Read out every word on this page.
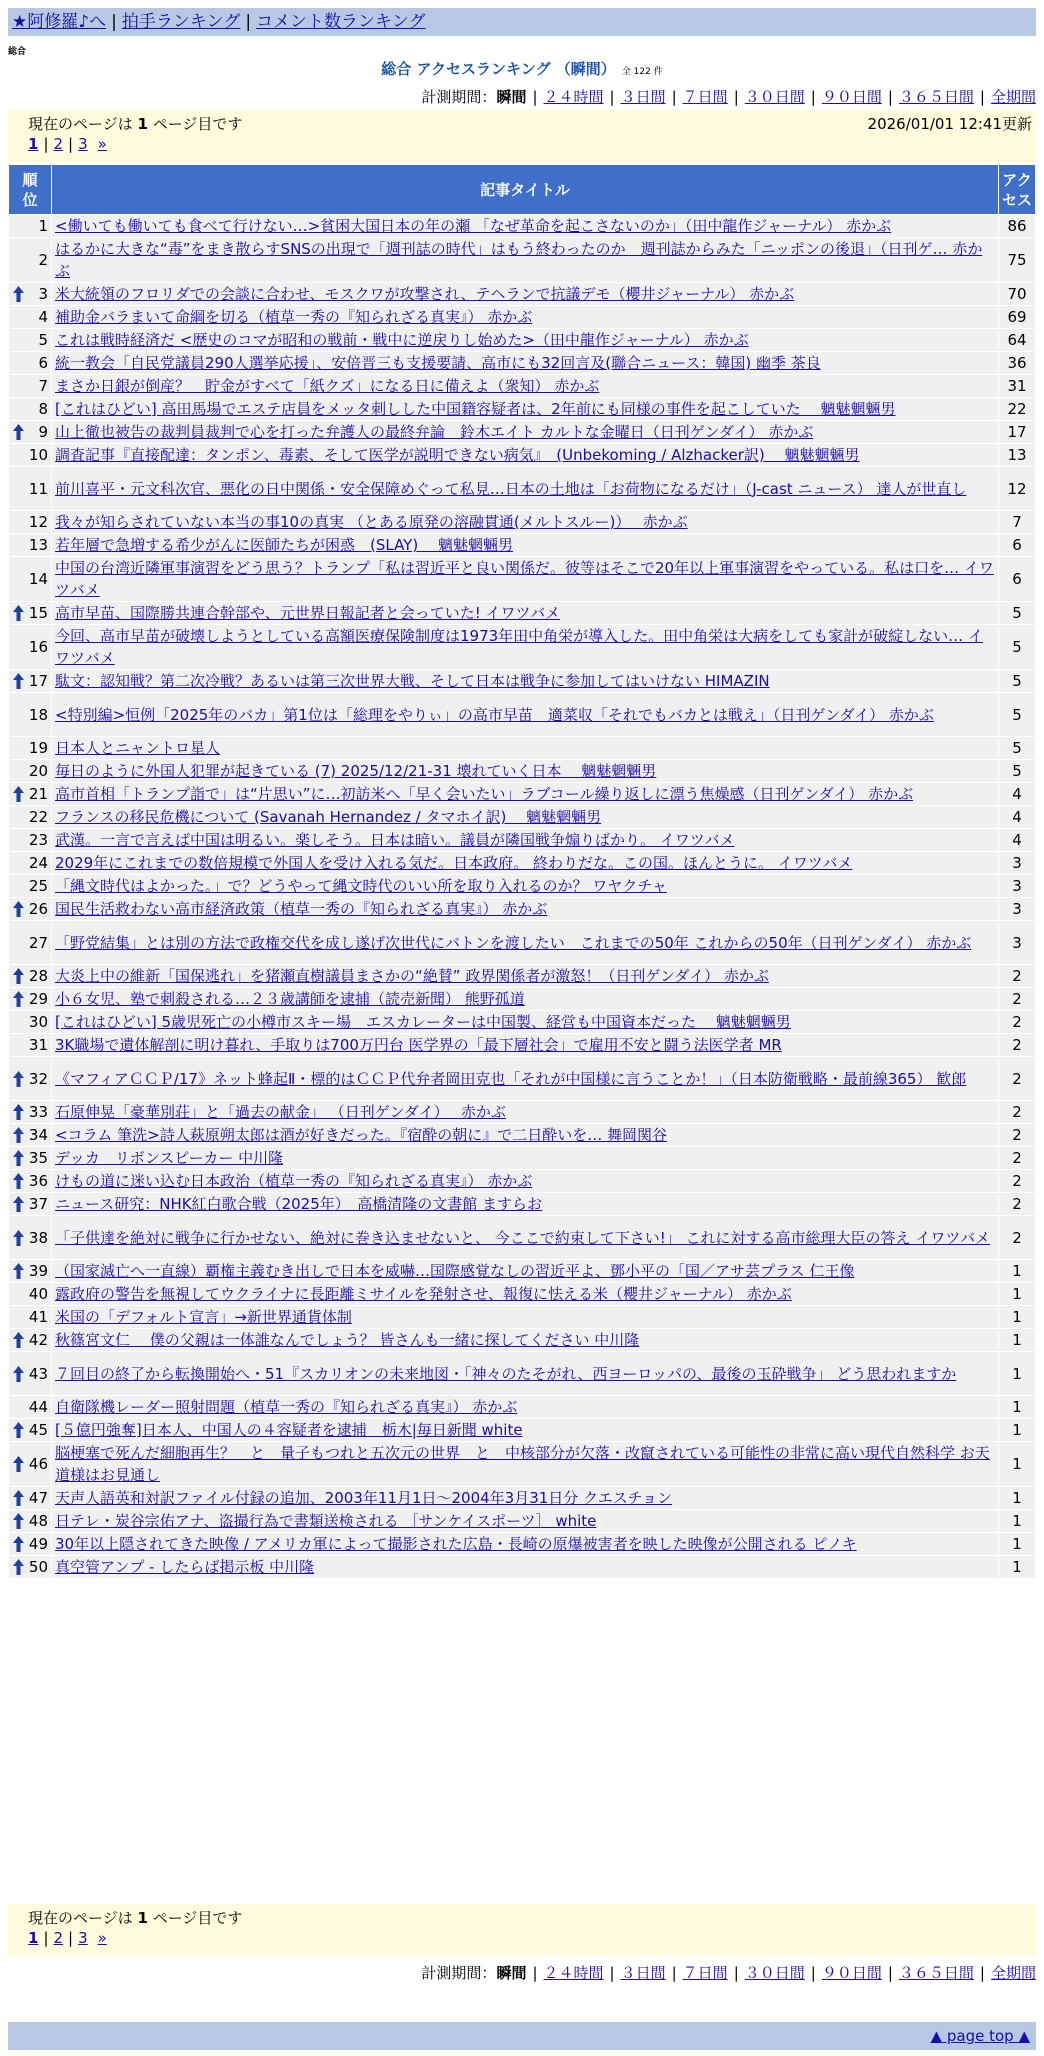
★阿修羅♪へ | 拍手ランキング | コメント数ランキング
総合
総合 アクセスランキング （瞬間） 全 122 件
計測期間：瞬間 | ２４時間 | ３日間 | ７日間 | ３０日間 | ９０日間 | ３６５日間 | 全期間
現在のページは 1 ページ目です	2026/01/01 12:41更新
1 | 2 | 3 »
順位	記事タイトル	アクセス
1	<働いても働いても食べて行けない…>貧困大国日本の年の瀬 「なぜ革命を起こさないのか」（田中龍作ジャーナル） 赤かぶ	86
2	はるかに大きな“毒”をまき散らすSNSの出現で「週刊誌の時代」はもう終わったのか　週刊誌からみた「ニッポンの後退」（日刊ゲ… 赤かぶ	75

3	米大統領のフロリダでの会談に合わせ、モスクワが攻撃され、テヘランで抗議デモ（櫻井ジャーナル） 赤かぶ	70
4	補助金バラまいて命綱を切る（植草一秀の『知られざる真実』） 赤かぶ	69
5	これは戦時経済だ <歴史のコマが昭和の戦前・戦中に逆戻りし始めた>（田中龍作ジャーナル） 赤かぶ	64
6	統一教会「自民党議員290人選挙応援」、安倍晋三も支援要請、高市にも32回言及(聯合ニュース：韓国) 幽季 茶良	36
7	まさか日銀が倒産？　貯金がすべて「紙クズ」になる日に備えよ（衆知） 赤かぶ	31
8	[これはひどい] 高田馬場でエステ店員をメッタ刺しした中国籍容疑者は、2年前にも同様の事件を起こしていた　 魑魅魍魎男	22

9	山上徹也被告の裁判員裁判で心を打った弁護人の最終弁論　鈴木エイト カルトな金曜日（日刊ゲンダイ） 赤かぶ	17
10	調査記事『直接配達：タンポン、毒素、そして医学が説明できない病気』　(Unbekoming / Alzhacker訳)　 魑魅魍魎男	13
11	前川喜平・元文科次官、悪化の日中関係・安全保障めぐって私見…日本の土地は「お荷物になるだけ」（J-cast ニュース） 達人が世直し	12
12	我々が知らされていない本当の事10の真実 （とある原発の溶融貫通(メルトスルー)）　 赤かぶ	7
13	若年層で急増する希少がんに医師たちが困惑　(SLAY)　 魑魅魍魎男	6
14	中国の台湾近隣軍事演習をどう思う？トランプ「私は習近平と良い関係だ。彼等はそこで20年以上軍事演習をやっている。私は口を… イワツバメ	6

15	高市早苗、国際勝共連合幹部や、元世界日報記者と会っていた! イワツバメ	5
16	今回、高市早苗が破壊しようとしている高額医療保険制度は1973年田中角栄が導入した。田中角栄は大病をしても家計が破綻しない… イワツバメ	5

17	駄文：認知戦？第二次冷戦？あるいは第三次世界大戦、そして日本は戦争に参加してはいけない HIMAZIN	5
18	<特別編>恒例「2025年のバカ」第1位は「総理をやりぃ」の高市早苗　適菜収「それでもバカとは戦え」（日刊ゲンダイ） 赤かぶ	5
19	日本人とニャントロ星人	5
20	毎日のように外国人犯罪が起きている (7) 2025/12/21-31 壊れていく日本　 魑魅魍魎男	5

21	高市首相「トランプ詣で」は“片思い”に…初訪米へ「早く会いたい」ラブコール繰り返しに漂う焦燥感（日刊ゲンダイ） 赤かぶ	4
22	フランスの移民危機について (Savanah Hernandez / タマホイ訳)　 魑魅魍魎男	4
23	武漢。一言で言えば中国は明るい。楽しそう。日本は暗い。議員が隣国戦争煽りばかり。 イワツバメ	4
24	2029年にこれまでの数倍規模で外国人を受け入れる気だ。日本政府。 終わりだな。この国。ほんとうに。 イワツバメ	3
25	「縄文時代はよかった。」で？どうやって縄文時代のいい所を取り入れるのか？ ワヤクチャ	3

26	国民生活救わない高市経済政策（植草一秀の『知られざる真実』） 赤かぶ	3
27	「野党結集」とは別の方法で政権交代を成し遂げ次世代にバトンを渡したい　これまでの50年 これからの50年（日刊ゲンダイ） 赤かぶ	3

28	大炎上中の維新「国保逃れ」を猪瀬直樹議員まさかの“絶賛” 政界関係者が激怒！（日刊ゲンダイ） 赤かぶ	2

29	小６女児、塾で刺殺される…２３歳講師を逮捕（読売新聞） 熊野孤道	2
30	[これはひどい] 5歳児死亡の小樽市スキー場　エスカレーターは中国製、経営も中国資本だった　 魑魅魍魎男	2
31	3K職場で遺体解剖に明け暮れ、手取りは700万円台 医学界の「最下層社会」で雇用不安と闘う法医学者 MR	2

32	《マフィアＣＣＰ/17》ネット蜂起Ⅱ・標的はＣＣＰ代弁者岡田克也「それが中国様に言うことか！」（日本防衛戦略・最前線365） 歓郎	2

33	石原伸晃「豪華別荘」と「過去の献金」 （日刊ゲンダイ）　 赤かぶ	2

34	<コラム 筆洗>詩人萩原朔太郎は酒が好きだった。『宿酔の朝に』で二日酔いを… 舞岡関谷	2

35	デッカ　リボンスピーカー 中川隆	2

36	けもの道に迷い込む日本政治（植草一秀の『知られざる真実』） 赤かぶ	2

37	ニュース研究：NHK紅白歌合戦（2025年）　高橋清隆の文書館 ますらお	2

38	「子供達を絶対に戦争に行かせない、絶対に巻き込ませないと、 今ここで約束して下さい!」 これに対する高市総理大臣の答え イワツバメ	2

39	（国家滅亡へ一直線）覇権主義むき出しで日本を威嚇…国際感覚なしの習近平よ、鄧小平の「国／アサ芸プラス 仁王像	1
40	露政府の警告を無視してウクライナに長距離ミサイルを発射させ、報復に怯える米（櫻井ジャーナル） 赤かぶ	1
41	米国の「デフォルト宣言」→新世界通貨体制	1

42	秋篠宮文仁　 僕の父親は一体誰なんでしょう？ 皆さんも一緒に探してください 中川隆	1

43	７回目の終了から転換開始へ・51『スカリオンの未来地図・「神々のたそがれ、西ヨーロッパの、最後の玉砕戦争」 どう思われますか	1
44	自衛隊機レーダー照射問題（植草一秀の『知られざる真実』） 赤かぶ	1

45	[５億円強奪]日本人、中国人の４容疑者を逮捕　栃木|毎日新聞 white	1

46	脳梗塞で死んだ細胞再生？　と　量子もつれと五次元の世界　と　中核部分が欠落・改竄されている可能性の非常に高い現代自然科学 お天道様はお見通し	1

47	天声人語英和対訳ファイル付録の追加、2003年11月1日～2004年3月31日分 クエスチョン	1

48	日テレ・炭谷宗佑アナ、盗撮行為で書類送検される ［サンケイスポーツ］ white	1

49	30年以上隠されてきた映像 / アメリカ軍によって撮影された広島・長崎の原爆被害者を映した映像が公開される ピノキ	1

50	真空管アンプ - したらば掲示板 中川隆	1
現在のページは 1 ページ目です
1 | 2 | 3 »
計測期間：瞬間 | ２４時間 | ３日間 | ７日間 | ３０日間 | ９０日間 | ３６５日間 | 全期間
▲ page top ▲
